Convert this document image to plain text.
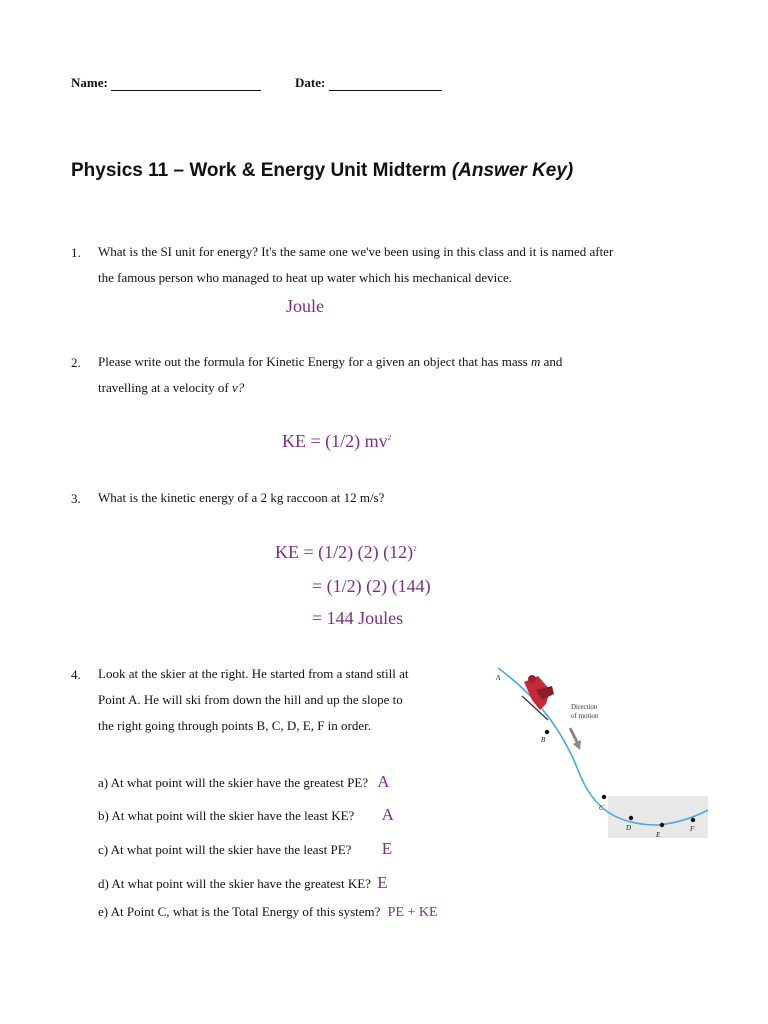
Name:	Date:
Physics 11 – Work & Energy Unit Midterm (Answer Key)
1. What is the SI unit for energy? It's the same one we've been using in this class and it is named after
the famous person who managed to heat up water which his mechanical device.
Joule
2. Please write out the formula for Kinetic Energy for a given an object that has mass m and
travelling at a velocity of v?
KE = (1/2) $mv^2$
3. What is the kinetic energy of a 2 kg raccoon at 12 m/s?
KE = (1/2) (2) $(12)^2$
= (1/2) (2) (144)
= 144 Joules
4. Look at the skier at the right. He started from a stand still at
Point A. He will ski from down the hill and up the slope to
the right going through points B, C, D, E, F in order.
a) At what point will the skier have the greatest PE? A
b) At what point will the skier have the least KE? A
c) At what point will the skier have the least PE? E
d) At what point will the skier have the greatest KE? E
e) At Point C, what is the Total Energy of this system? PE + KE
Direction
of motion
A
B
C
D
E
F
